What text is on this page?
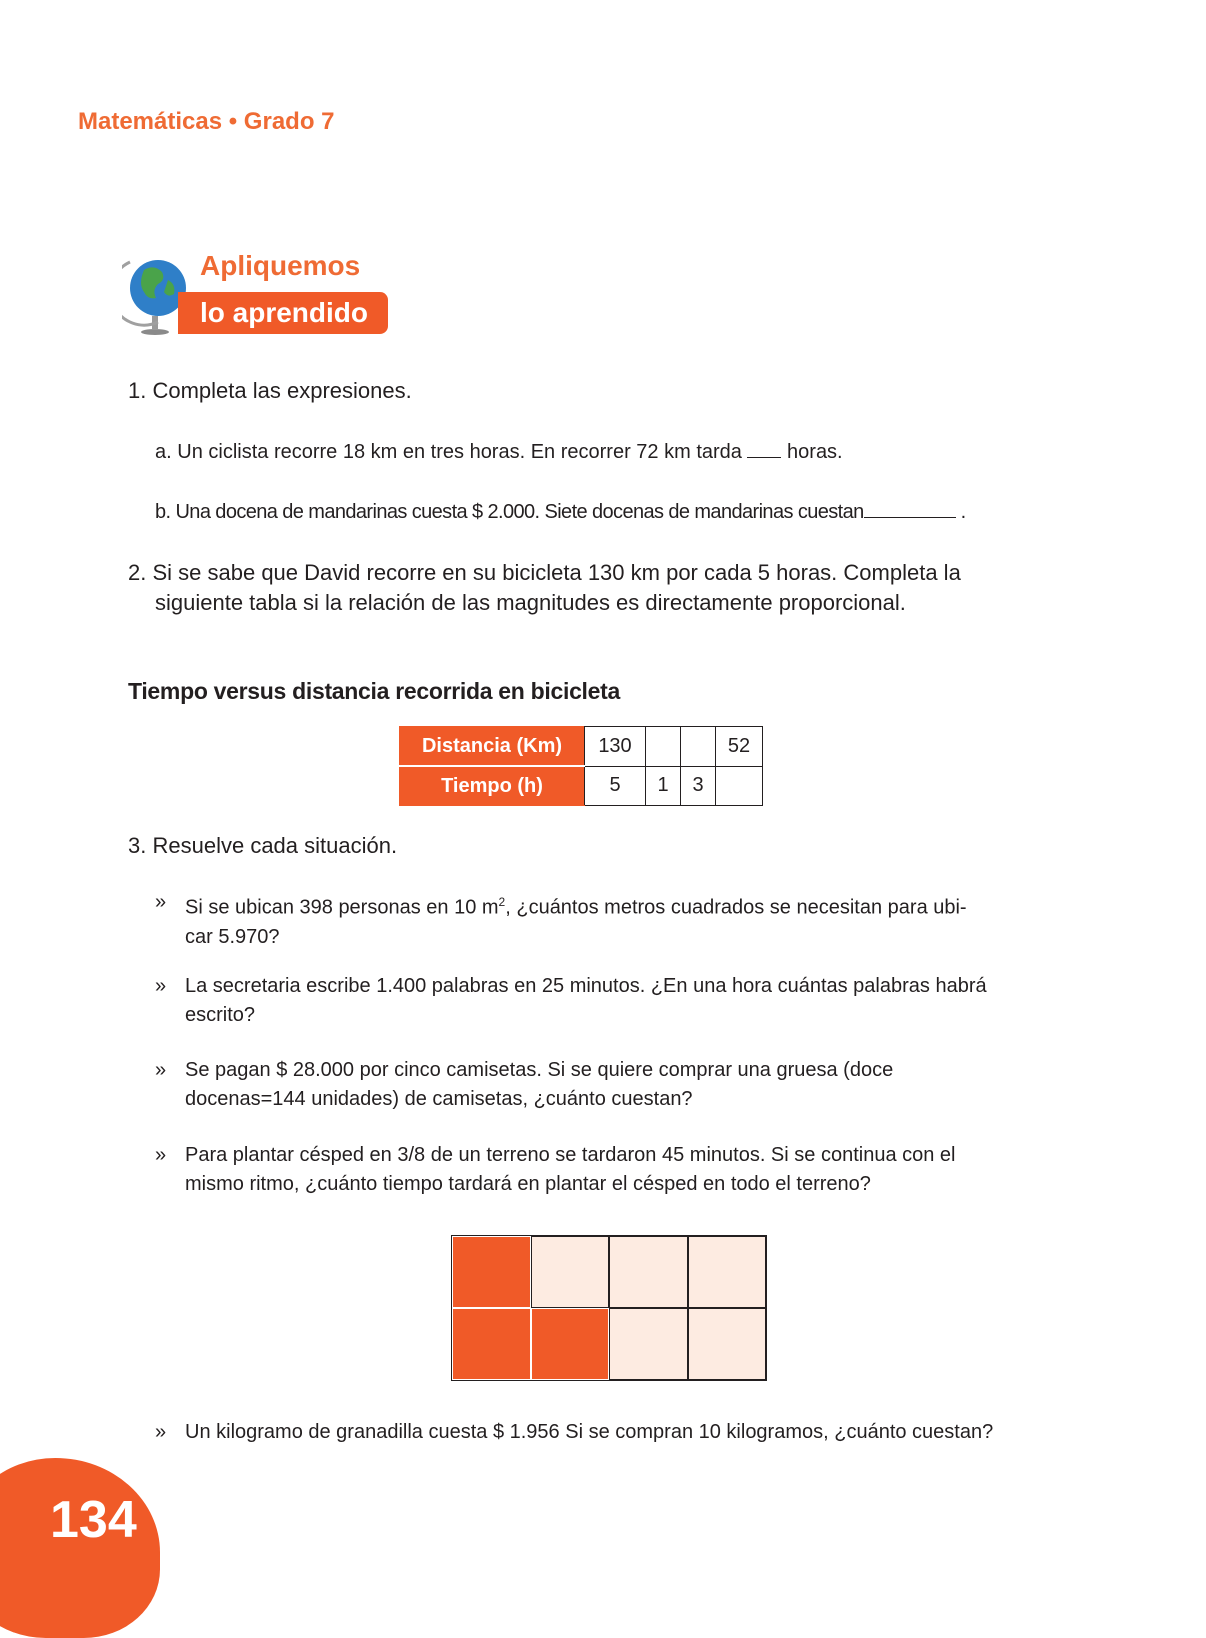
Matemáticas • Grado 7
Apliquemos
lo aprendido
1. Completa las expresiones.
a. Un ciclista recorre 18 km en tres horas. En recorrer 72 km tarda horas.
b. Una docena de mandarinas cuesta $ 2.000. Siete docenas de mandarinas cuestan	.
2. Si se sabe que David recorre en su bicicleta 130 km por cada 5 horas. Completa la
siguiente tabla si la relación de las magnitudes es directamente proporcional.
Tiempo versus distancia recorrida en bicicleta
Distancia (Km)	130			52
Tiempo (h)	5	1	3	
3. Resuelve cada situación.
» Si se ubican 398 personas en 10 $m^2$, ¿cuántos metros cuadrados se necesitan para ubi-
car 5.970?
» La secretaria escribe 1.400 palabras en 25 minutos. ¿En una hora cuántas palabras habrá
escrito?
» Se pagan $ 28.000 por cinco camisetas. Si se quiere comprar una gruesa (doce
docenas=144 unidades) de camisetas, ¿cuánto cuestan?
» Para plantar césped en 3/8 de un terreno se tardaron 45 minutos. Si se continua con el
mismo ritmo, ¿cuánto tiempo tardará en plantar el césped en todo el terreno?
» Un kilogramo de granadilla cuesta $ 1.956 Si se compran 10 kilogramos, ¿cuánto cuestan?
134
